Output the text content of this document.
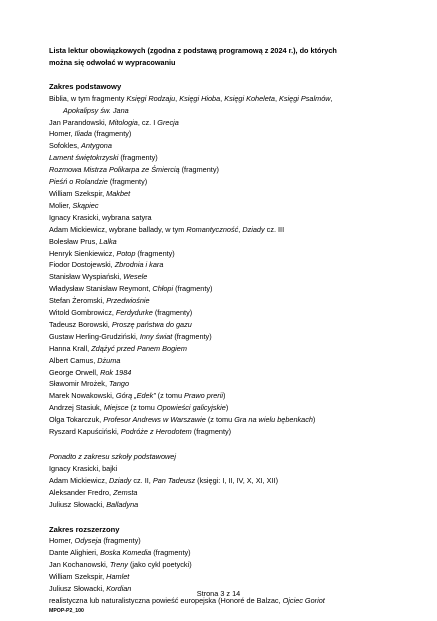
Lista lektur obowiązkowych (zgodna z podstawą programową z 2024 r.), do których
można się odwołać w wypracowaniu
Zakres podstawowy
Biblia, w tym fragmenty Księgi Rodzaju, Księgi Hioba, Księgi Koheleta, Księgi Psalmów,
Apokalipsy św. Jana
Jan Parandowski, Mitologia, cz. I Grecja
Homer, Iliada (fragmenty)
Sofokles, Antygona
Lament świętokrzyski (fragmenty)
Rozmowa Mistrza Polikarpa ze Śmiercią (fragmenty)
Pieśń o Rolandzie (fragmenty)
William Szekspir, Makbet
Molier, Skąpiec
Ignacy Krasicki, wybrana satyra
Adam Mickiewicz, wybrane ballady, w tym Romantyczność, Dziady cz. III
Bolesław Prus, Lalka
Henryk Sienkiewicz, Potop (fragmenty)
Fiodor Dostojewski, Zbrodnia i kara
Stanisław Wyspiański, Wesele
Władysław Stanisław Reymont, Chłopi (fragmenty)
Stefan Żeromski, Przedwiośnie
Witold Gombrowicz, Ferdydurke (fragmenty)
Tadeusz Borowski, Proszę państwa do gazu
Gustaw Herling-Grudziński, Inny świat (fragmenty)
Hanna Krall, Zdążyć przed Panem Bogiem
Albert Camus, Dżuma
George Orwell, Rok 1984
Sławomir Mrożek, Tango
Marek Nowakowski, Górą „Edek” (z tomu Prawo prerii)
Andrzej Stasiuk, Miejsce (z tomu Opowieści galicyjskie)
Olga Tokarczuk, Profesor Andrews w Warszawie (z tomu Gra na wielu bębenkach)
Ryszard Kapuściński, Podróże z Herodotem (fragmenty)
Ponadto z zakresu szkoły podstawowej
Ignacy Krasicki, bajki
Adam Mickiewicz, Dziady cz. II, Pan Tadeusz (księgi: I, II, IV, X, XI, XII)
Aleksander Fredro, Zemsta
Juliusz Słowacki, Balladyna
Zakres rozszerzony
Homer, Odyseja (fragmenty)
Dante Alighieri, Boska Komedia (fragmenty)
Jan Kochanowski, Treny (jako cykl poetycki)
William Szekspir, Hamlet
Juliusz Słowacki, Kordian
realistyczna lub naturalistyczna powieść europejska (Honoré de Balzac, Ojciec Goriot
Strona 3 z 14
MPOP-P2_100
